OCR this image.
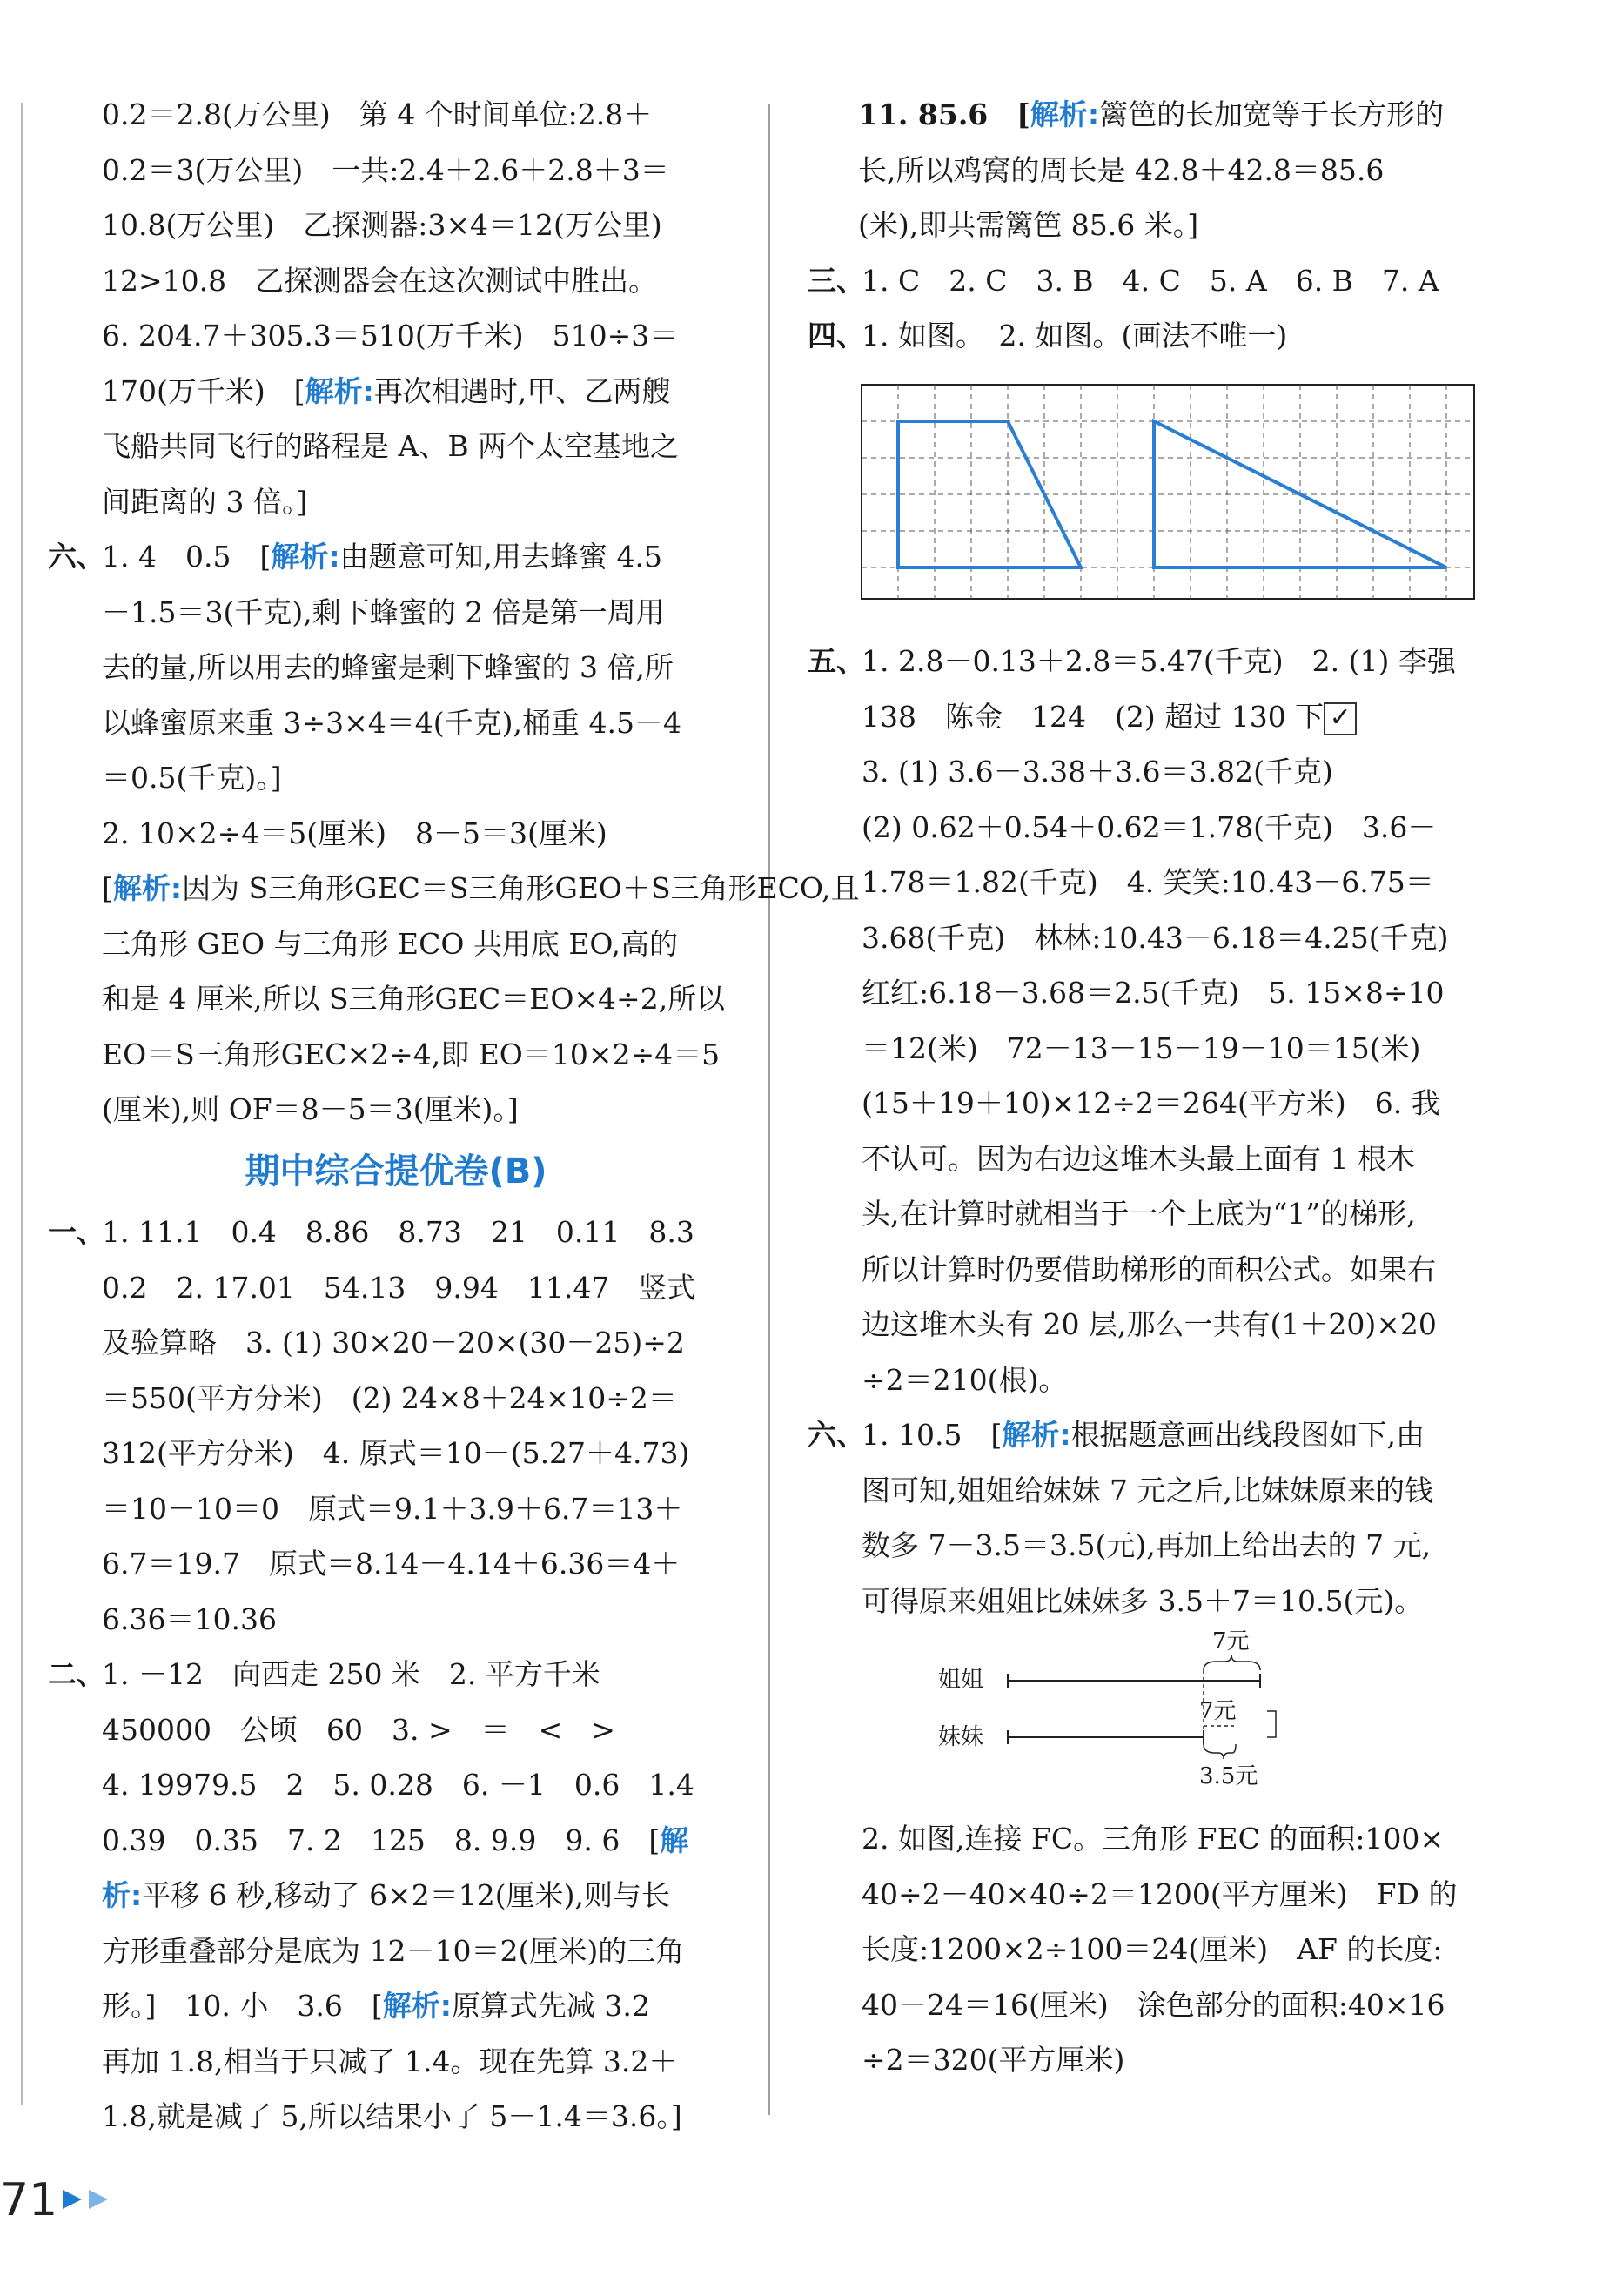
0.2＝2.8(万公里)　第 4 个时间单位:2.8＋
0.2＝3(万公里)　一共:2.4＋2.6＋2.8＋3＝
10.8(万公里)　乙探测器:3×4＝12(万公里)
12>10.8　乙探测器会在这次测试中胜出。
6. 204.7＋305.3＝510(万千米)　510÷3＝
170(万千米)　[解析:再次相遇时,甲、乙两艘
飞船共同飞行的路程是 A、B 两个太空基地之
间距离的 3 倍。]
六、1. 4　0.5　[解析:由题意可知,用去蜂蜜 4.5
－1.5＝3(千克),剩下蜂蜜的 2 倍是第一周用
去的量,所以用去的蜂蜜是剩下蜂蜜的 3 倍,所
以蜂蜜原来重 3÷3×4＝4(千克),桶重 4.5－4
＝0.5(千克)。]
2. 10×2÷4＝5(厘米)　8－5＝3(厘米)
[解析:因为 S三角形GEC＝S三角形GEO＋S三角形ECO,且
三角形 GEO 与三角形 ECO 共用底 EO,高的
和是 4 厘米,所以 S三角形GEC＝EO×4÷2,所以
EO＝S三角形GEC×2÷4,即 EO＝10×2÷4＝5
(厘米),则 OF＝8－5＝3(厘米)。]
期中综合提优卷(B)
一、1. 11.1　0.4　8.86　8.73　21　0.11　8.3
0.2　2. 17.01　54.13　9.94　11.47　竖式
及验算略　3. (1) 30×20－20×(30－25)÷2
＝550(平方分米)　(2) 24×8＋24×10÷2＝
312(平方分米)　4. 原式＝10－(5.27＋4.73)
＝10－10＝0　原式＝9.1＋3.9＋6.7＝13＋
6.7＝19.7　原式＝8.14－4.14＋6.36＝4＋
6.36＝10.36
二、1. －12　向西走 250 米　2. 平方千米
450000　公顷　60　3. >　＝　<　>
4. 19979.5　2　5. 0.28　6. －1　0.6　1.4
0.39　0.35　7. 2　125　8. 9.9　9. 6　[解
析:平移 6 秒,移动了 6×2＝12(厘米),则与长
方形重叠部分是底为 12－10＝2(厘米)的三角
形。]　10. 小　3.6　[解析:原算式先减 3.2
再加 1.8,相当于只减了 1.4。现在先算 3.2＋
1.8,就是减了 5,所以结果小了 5－1.4＝3.6。]
11. 85.6　[解析:篱笆的长加宽等于长方形的
长,所以鸡窝的周长是 42.8＋42.8＝85.6
(米),即共需篱笆 85.6 米。]
三、1. C　2. C　3. B　4. C　5. A　6. B　7. A
四、1. 如图。　2. 如图。(画法不唯一)
五、1. 2.8－0.13＋2.8＝5.47(千克)　2. (1) 李强
138　陈金　124　(2) 超过 130 下 ✓
3. (1) 3.6－3.38＋3.6＝3.82(千克)
(2) 0.62＋0.54＋0.62＝1.78(千克)　3.6－
1.78＝1.82(千克)　4. 笑笑:10.43－6.75＝
3.68(千克)　林林:10.43－6.18＝4.25(千克)
红红:6.18－3.68＝2.5(千克)　5. 15×8÷10
＝12(米)　72－13－15－19－10＝15(米)
(15＋19＋10)×12÷2＝264(平方米)　6. 我
不认可。因为右边这堆木头最上面有 1 根木
头,在计算时就相当于一个上底为“1”的梯形,
所以计算时仍要借助梯形的面积公式。如果右
边这堆木头有 20 层,那么一共有(1＋20)×20
÷2＝210(根)。
六、1. 10.5　[解析:根据题意画出线段图如下,由
图可知,姐姐给妹妹 7 元之后,比妹妹原来的钱
数多 7－3.5＝3.5(元),再加上给出去的 7 元,
可得原来姐姐比妹妹多 3.5＋7＝10.5(元)。
姐姐
妹妹
7元
7元
3.5元
2. 如图,连接 FC。三角形 FEC 的面积:100×
40÷2－40×40÷2＝1200(平方厘米)　FD 的
长度:1200×2÷100＝24(厘米)　AF 的长度:
40－24＝16(厘米)　涂色部分的面积:40×16
÷2＝320(平方厘米)
71
